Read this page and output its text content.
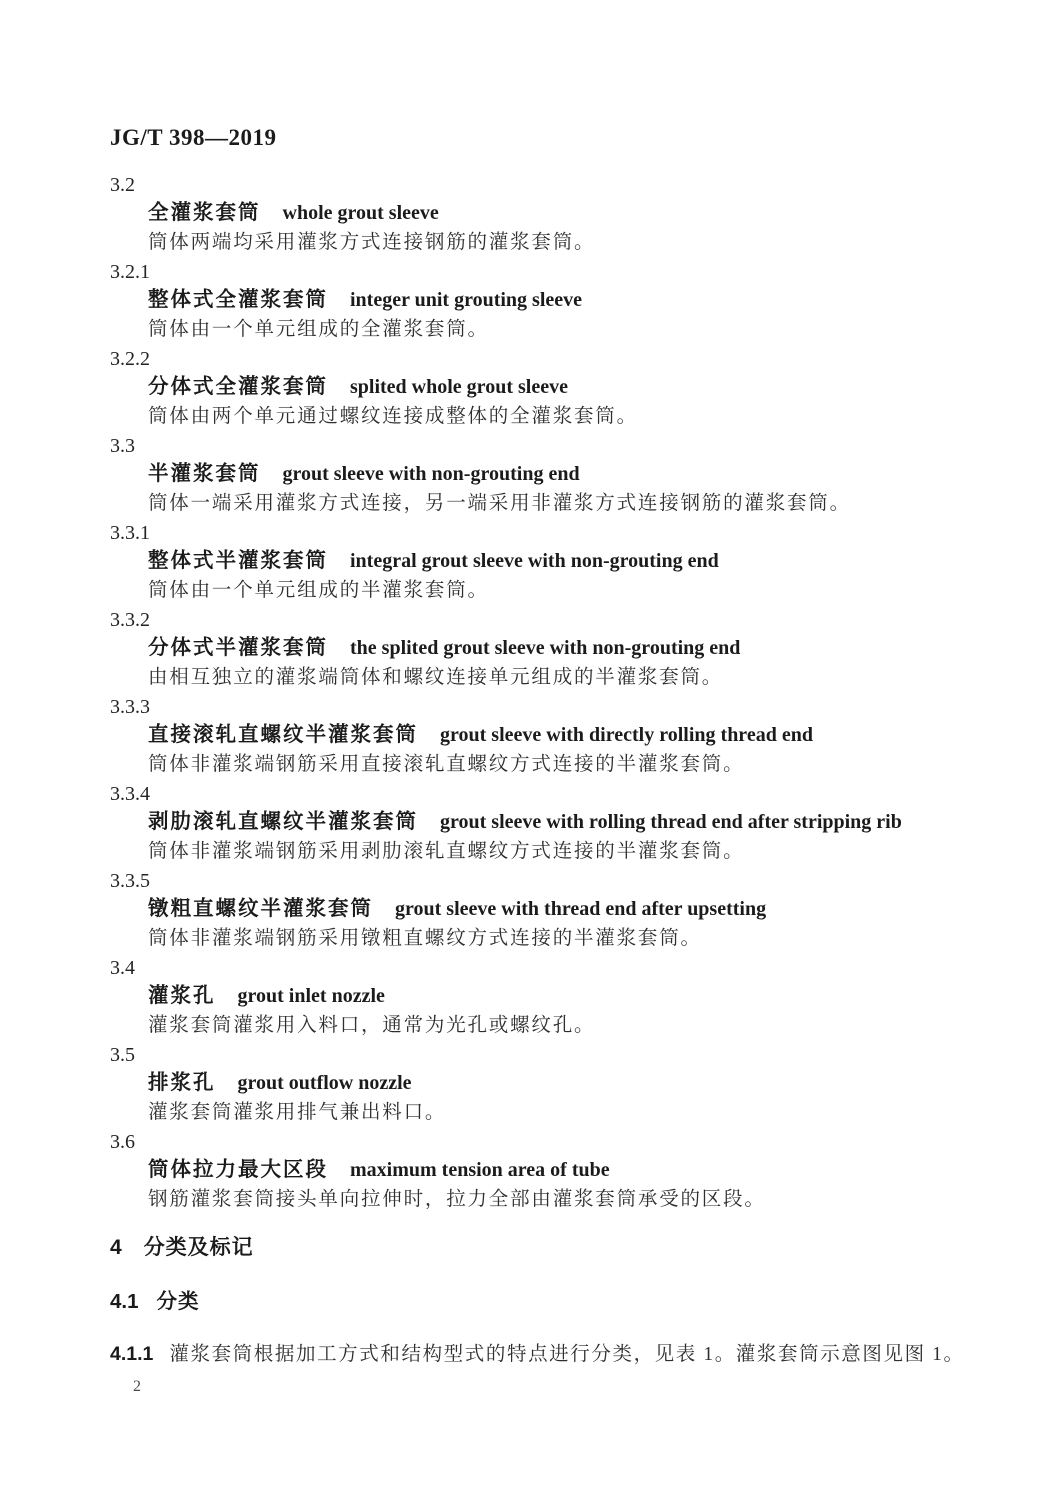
JG/T 398—2019
3.2
全灌浆套筒 whole grout sleeve
筒体两端均采用灌浆方式连接钢筋的灌浆套筒。
3.2.1
整体式全灌浆套筒 integer unit grouting sleeve
筒体由一个单元组成的全灌浆套筒。
3.2.2
分体式全灌浆套筒 splited whole grout sleeve
筒体由两个单元通过螺纹连接成整体的全灌浆套筒。
3.3
半灌浆套筒 grout sleeve with non-grouting end
筒体一端采用灌浆方式连接，另一端采用非灌浆方式连接钢筋的灌浆套筒。
3.3.1
整体式半灌浆套筒 integral grout sleeve with non-grouting end
筒体由一个单元组成的半灌浆套筒。
3.3.2
分体式半灌浆套筒 the splited grout sleeve with non-grouting end
由相互独立的灌浆端筒体和螺纹连接单元组成的半灌浆套筒。
3.3.3
直接滚轧直螺纹半灌浆套筒 grout sleeve with directly rolling thread end
筒体非灌浆端钢筋采用直接滚轧直螺纹方式连接的半灌浆套筒。
3.3.4
剥肋滚轧直螺纹半灌浆套筒 grout sleeve with rolling thread end after stripping rib
筒体非灌浆端钢筋采用剥肋滚轧直螺纹方式连接的半灌浆套筒。
3.3.5
镦粗直螺纹半灌浆套筒 grout sleeve with thread end after upsetting
筒体非灌浆端钢筋采用镦粗直螺纹方式连接的半灌浆套筒。
3.4
灌浆孔 grout inlet nozzle
灌浆套筒灌浆用入料口，通常为光孔或螺纹孔。
3.5
排浆孔 grout outflow nozzle
灌浆套筒灌浆用排气兼出料口。
3.6
筒体拉力最大区段 maximum tension area of tube
钢筋灌浆套筒接头单向拉伸时，拉力全部由灌浆套筒承受的区段。
4 分类及标记
4.1 分类
4.1.1 灌浆套筒根据加工方式和结构型式的特点进行分类，见表 1。灌浆套筒示意图见图 1。
2
